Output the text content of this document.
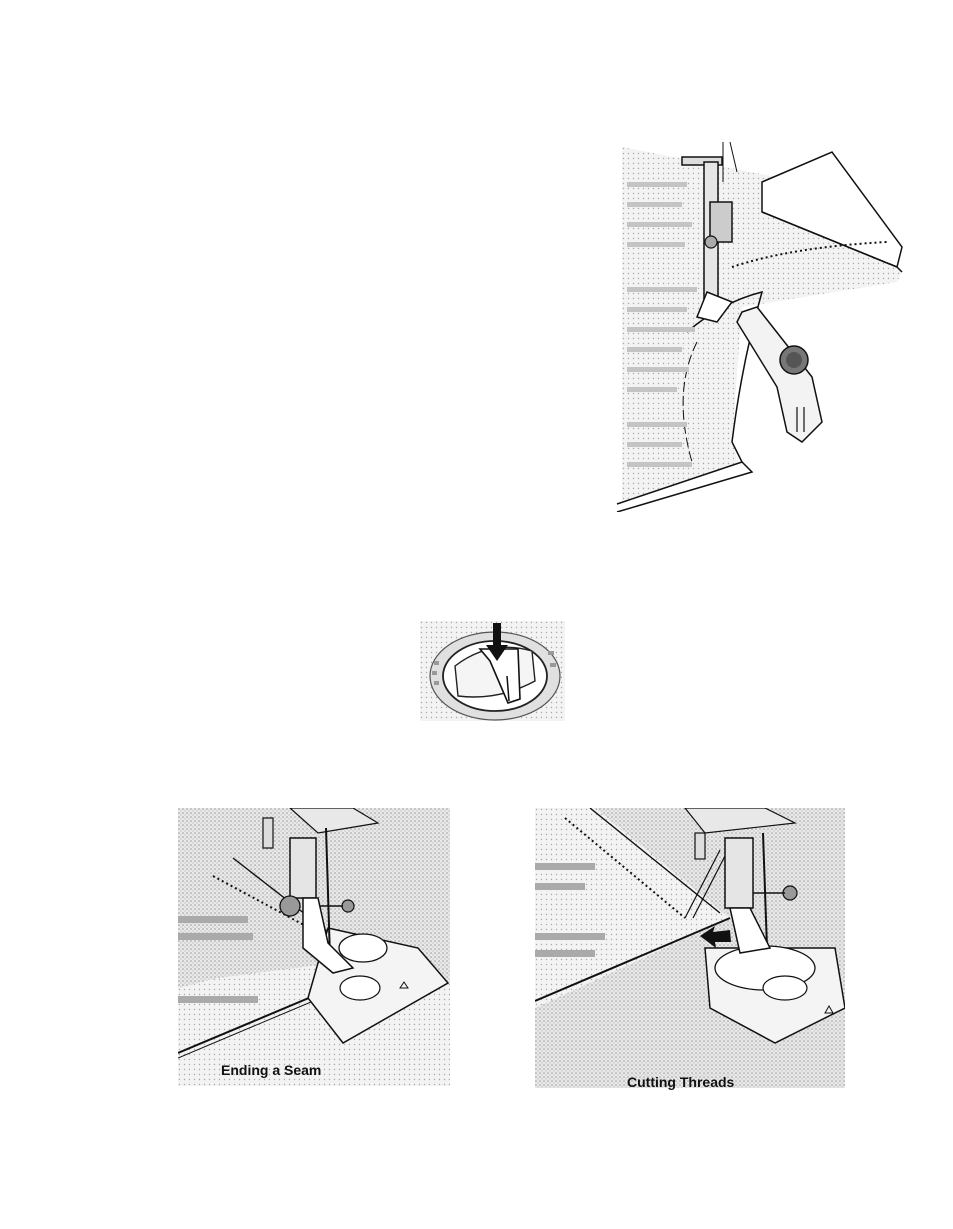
Ending a Seam
Cutting Threads
